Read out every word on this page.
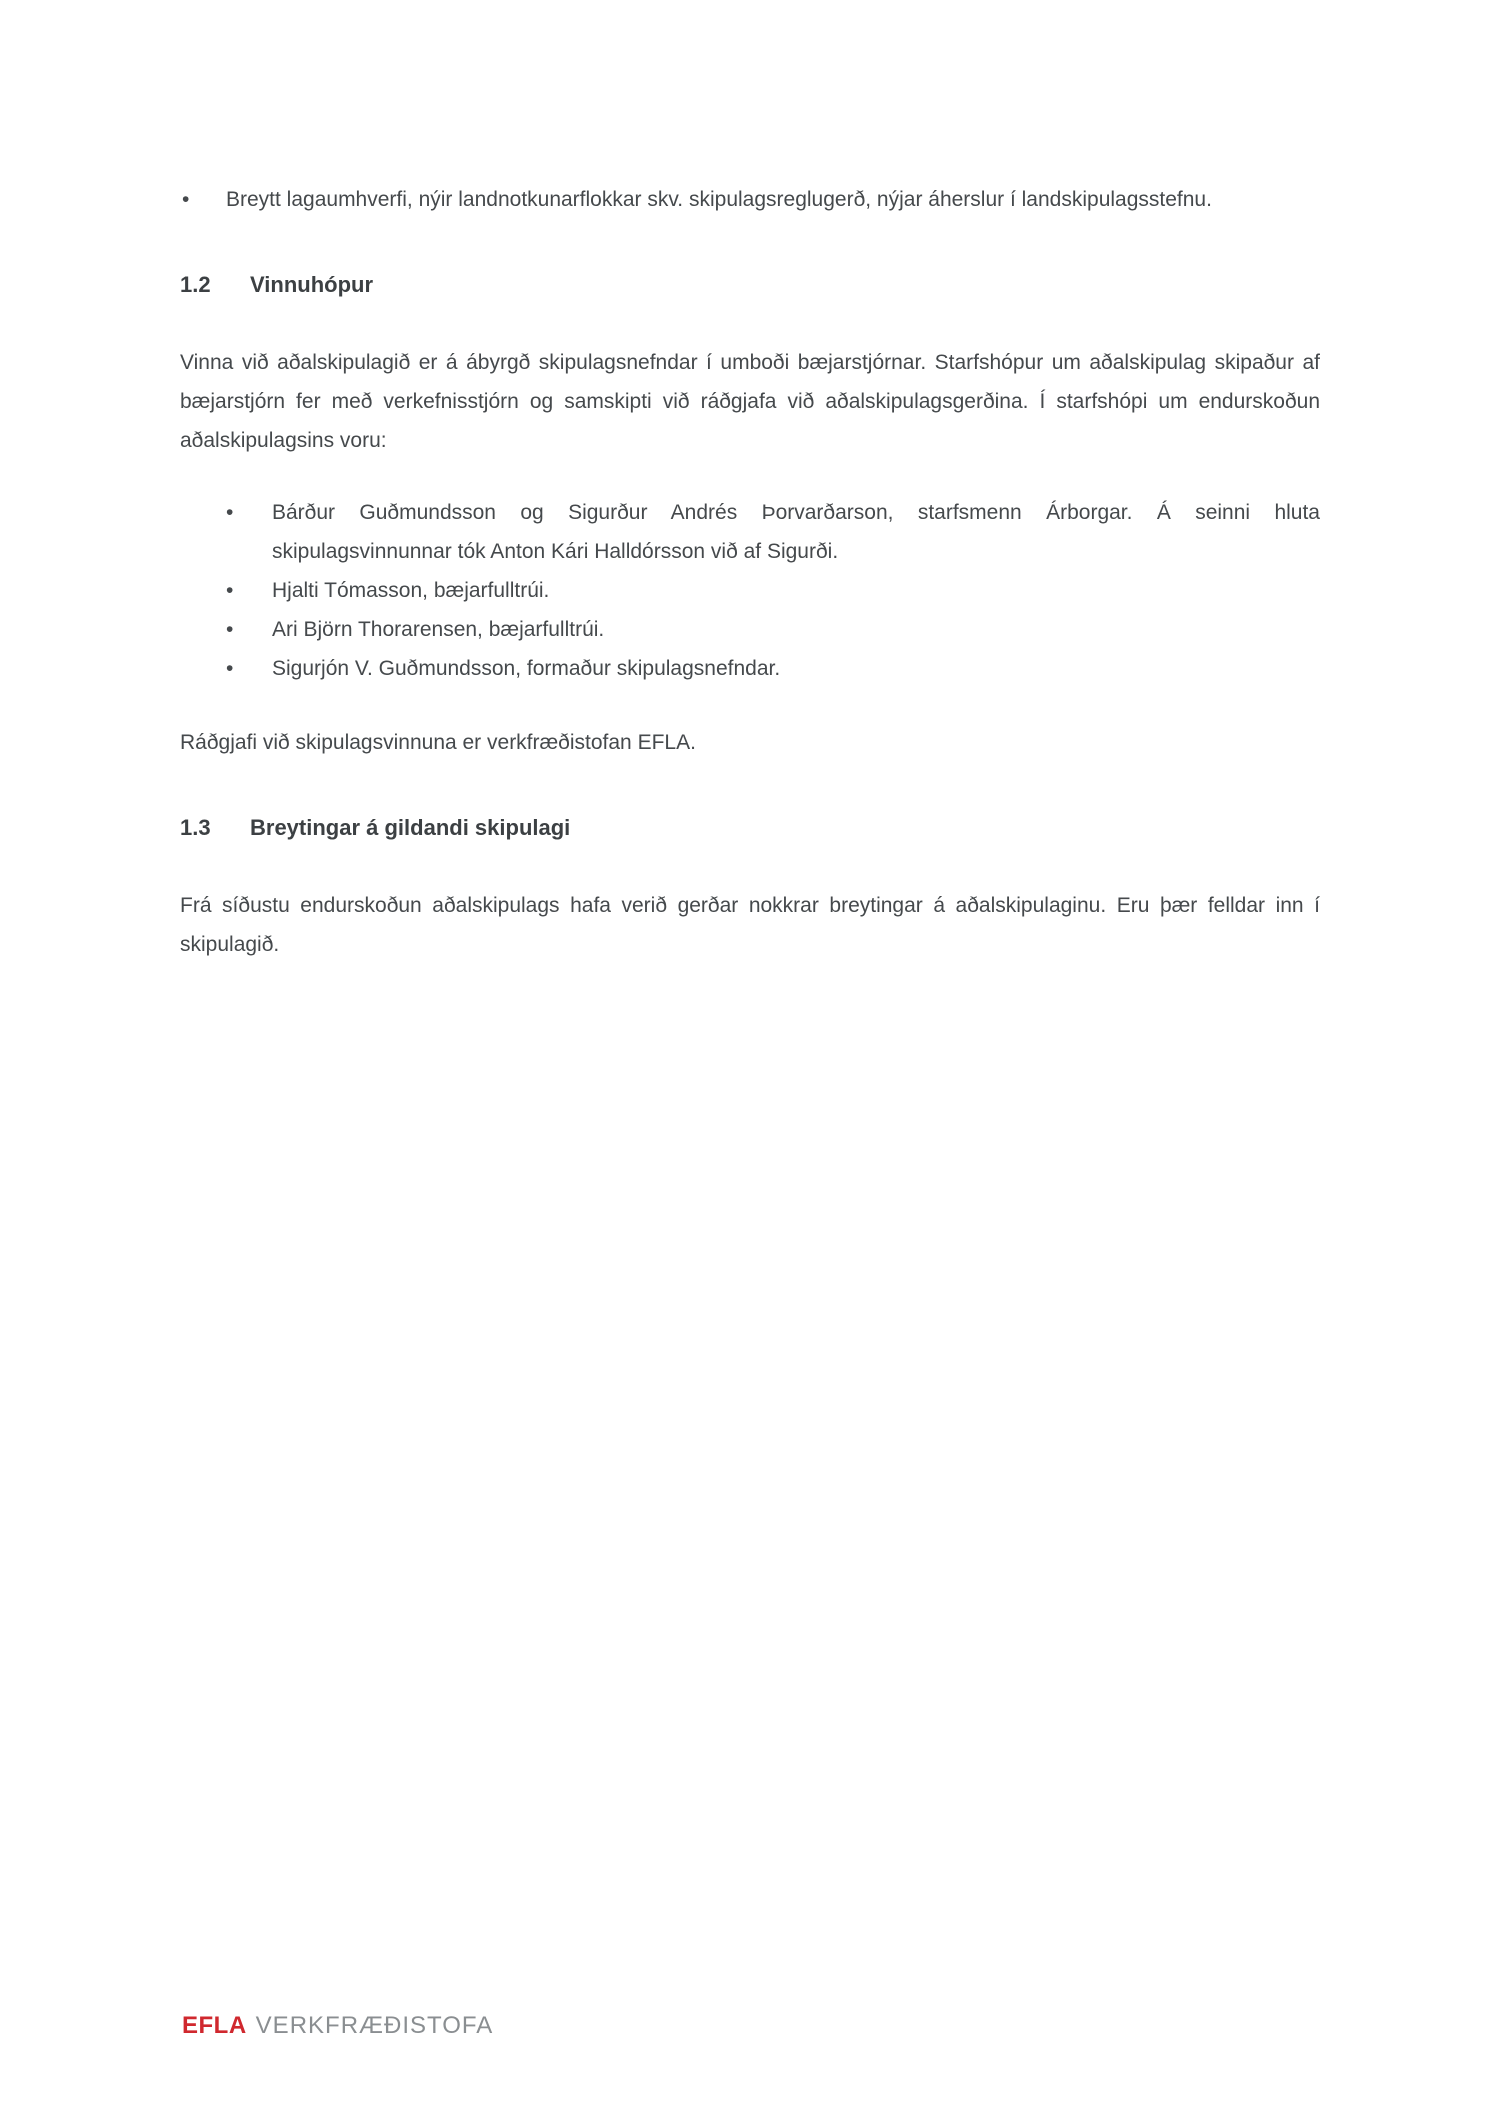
• Breytt lagaumhverfi, nýir landnotkunarflokkar skv. skipulagsreglugerð, nýjar áherslur í landskipulagsstefnu.
1.2 Vinnuhópur

Vinna við aðalskipulagið er á ábyrgð skipulagsnefndar í umboði bæjarstjórnar. Starfshópur um aðalskipulag skipaður af bæjarstjórn fer með verkefnisstjórn og samskipti við ráðgjafa við aðalskipulagsgerðina. Í starfshópi um endurskoðun aðalskipulagsins voru:

• Bárður Guðmundsson og Sigurður Andrés Þorvarðarson, starfsmenn Árborgar. Á seinni hluta skipulagsvinnunnar tók Anton Kári Halldórsson við af Sigurði.
• Hjalti Tómasson, bæjarfulltrúi.
• Ari Björn Thorarensen, bæjarfulltrúi.
• Sigurjón V. Guðmundsson, formaður skipulagsnefndar.

Ráðgjafi við skipulagsvinnuna er verkfræðistofan EFLA.

1.3 Breytingar á gildandi skipulagi

Frá síðustu endurskoðun aðalskipulags hafa verið gerðar nokkrar breytingar á aðalskipulaginu. Eru þær felldar inn í skipulagið.

EFLA VERKFRÆÐISTOFA
